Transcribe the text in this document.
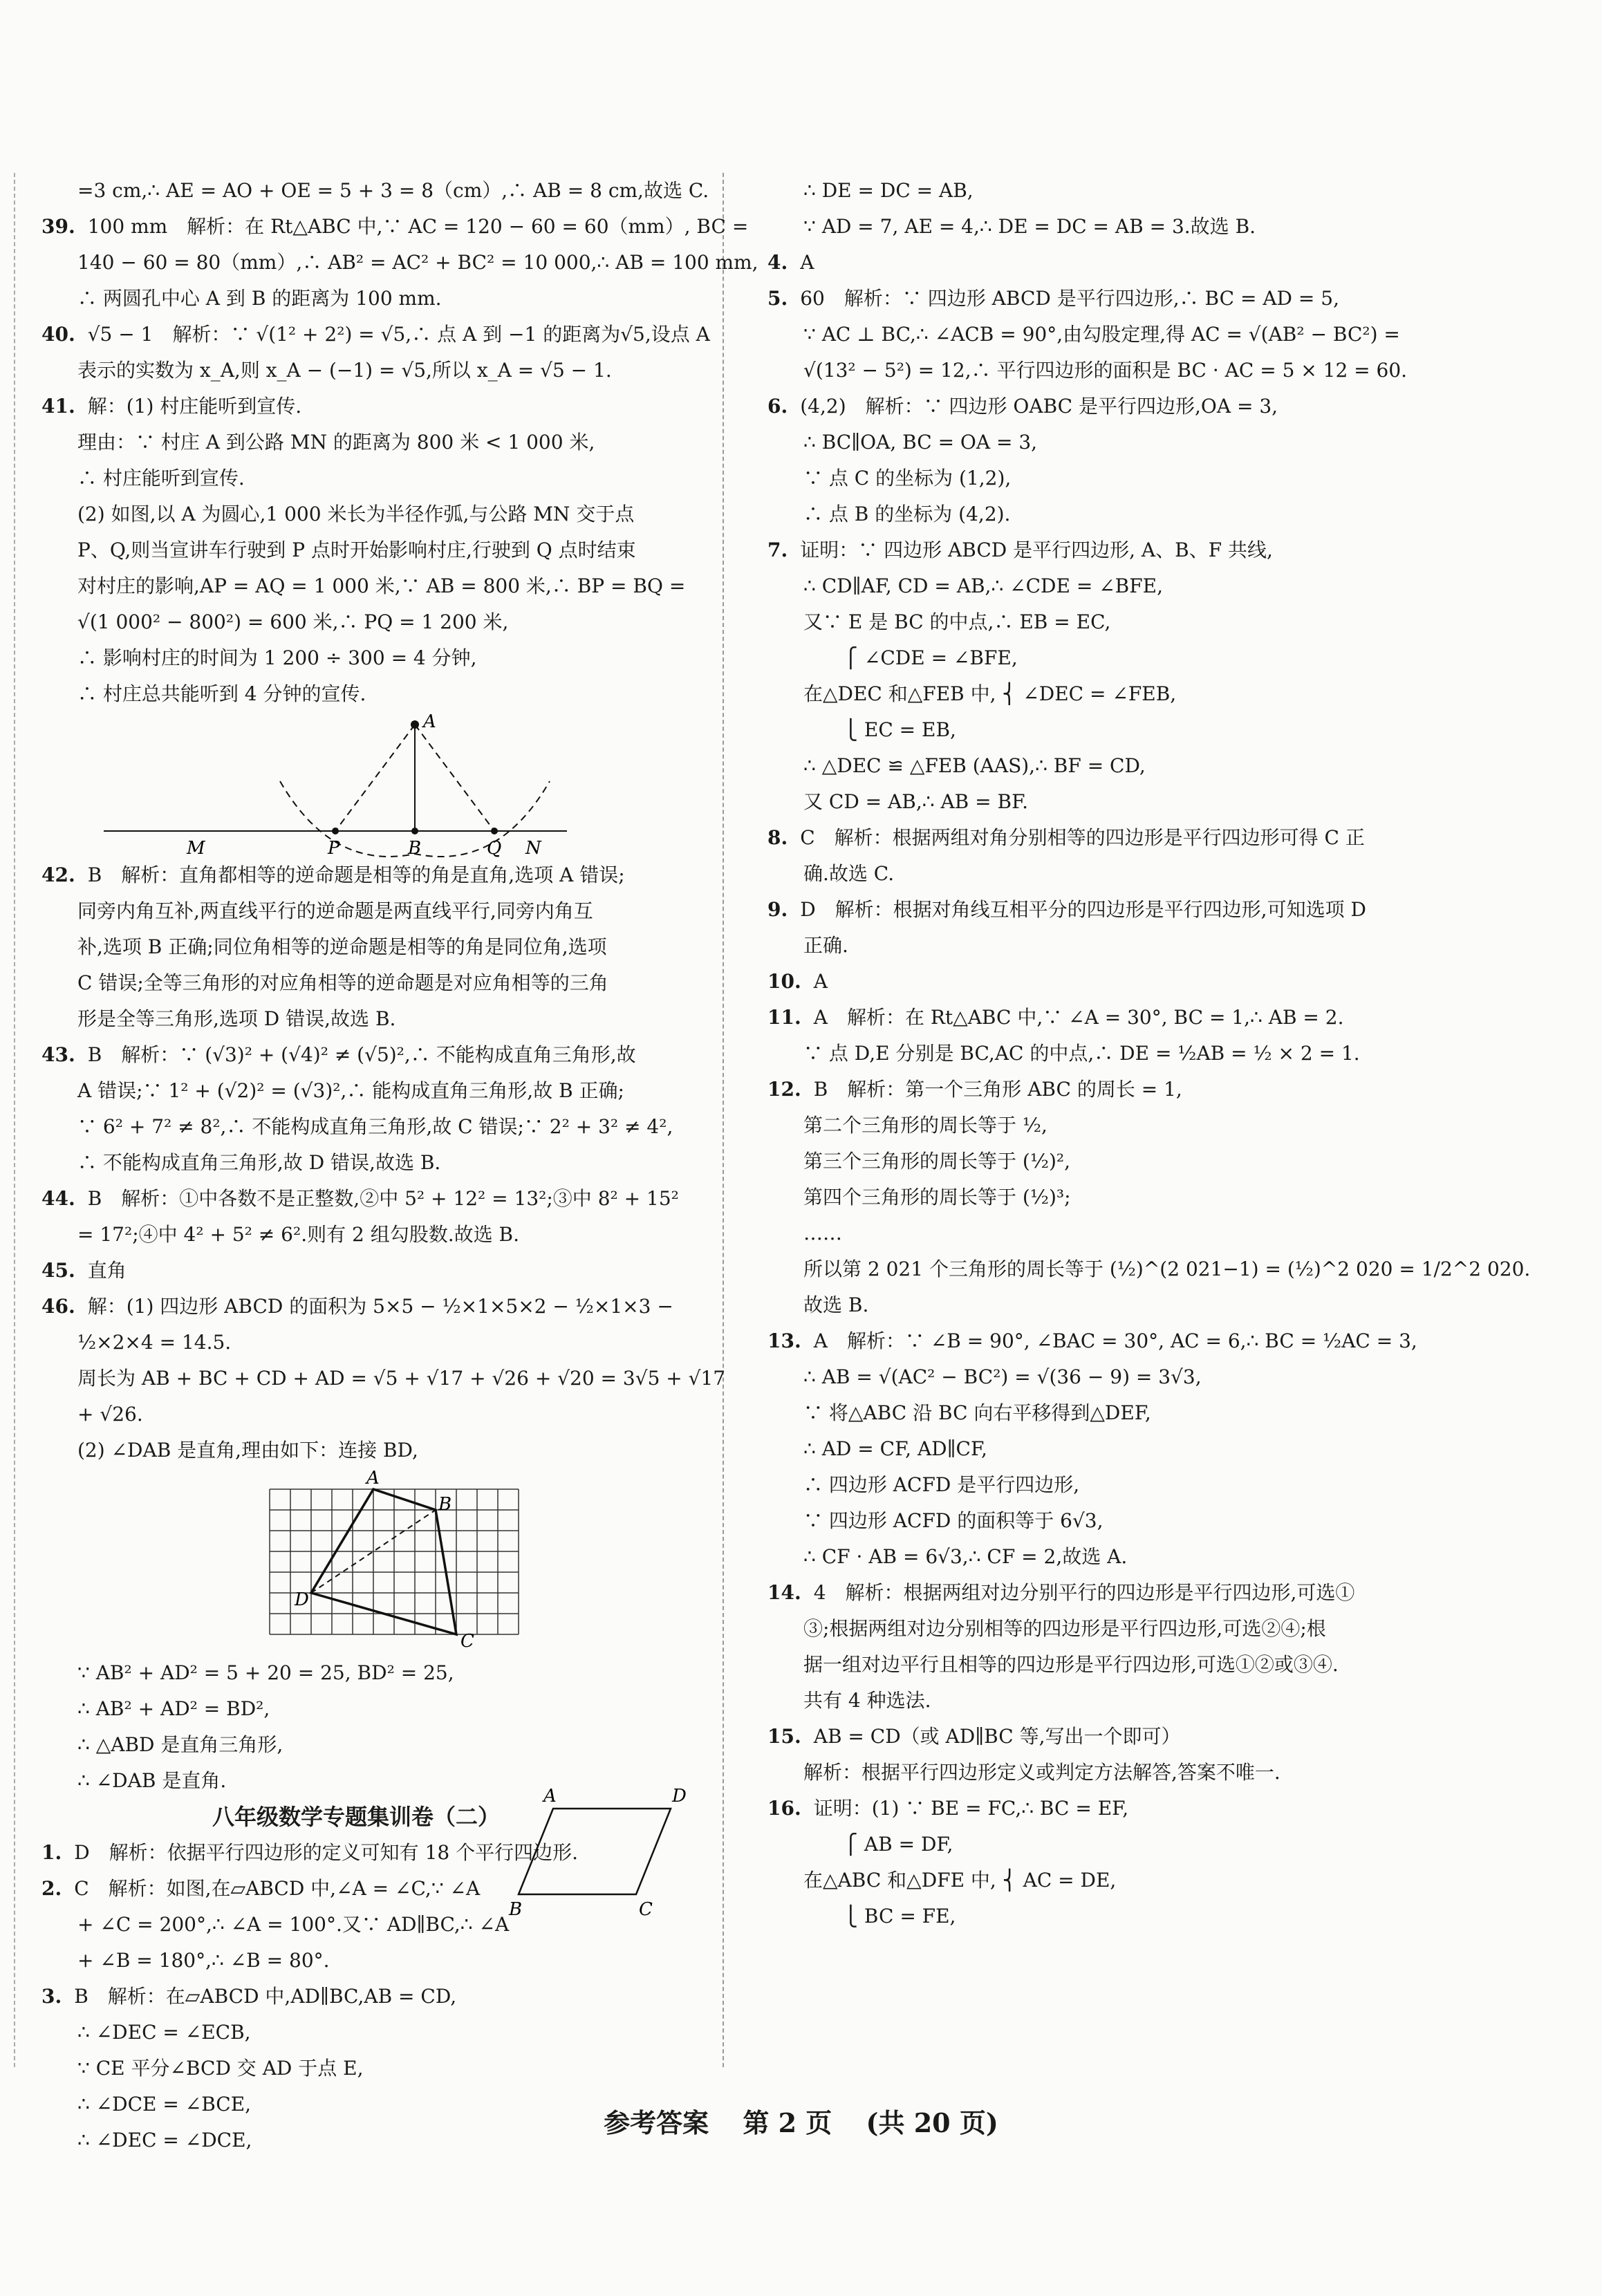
=3 cm,∴ AE = AO + OE = 5 + 3 = 8（cm）,∴ AB = 8 cm,故选 C.
39. 100 mm　解析：在 Rt△ABC 中,∵ AC = 120 − 60 = 60（mm）, BC =
140 − 60 = 80（mm）,∴ AB² = AC² + BC² = 10 000,∴ AB = 100 mm,
∴ 两圆孔中心 A 到 B 的距离为 100 mm.
40. √5 − 1　解析：∵ √(1² + 2²) = √5,∴ 点 A 到 −1 的距离为√5,设点 A
表示的实数为 x_A,则 x_A − (−1) = √5,所以 x_A = √5 − 1.
41. 解：(1) 村庄能听到宣传.
理由：∵ 村庄 A 到公路 MN 的距离为 800 米 < 1 000 米,
∴ 村庄能听到宣传.
(2) 如图,以 A 为圆心,1 000 米长为半径作弧,与公路 MN 交于点
P、Q,则当宣讲车行驶到 P 点时开始影响村庄,行驶到 Q 点时结束
对村庄的影响,AP = AQ = 1 000 米,∵ AB = 800 米,∴ BP = BQ =
√(1 000² − 800²) = 600 米,∴ PQ = 1 200 米,
∴ 影响村庄的时间为 1 200 ÷ 300 = 4 分钟,
∴ 村庄总共能听到 4 分钟的宣传.
A
M	P	B	Q N
42. B　解析：直角都相等的逆命题是相等的角是直角,选项 A 错误;
同旁内角互补,两直线平行的逆命题是两直线平行,同旁内角互
补,选项 B 正确;同位角相等的逆命题是相等的角是同位角,选项
C 错误;全等三角形的对应角相等的逆命题是对应角相等的三角
形是全等三角形,选项 D 错误,故选 B.
43. B　解析：∵ (√3)² + (√4)² ≠ (√5)²,∴ 不能构成直角三角形,故
A 错误;∵ 1² + (√2)² = (√3)²,∴ 能构成直角三角形,故 B 正确;
∵ 6² + 7² ≠ 8²,∴ 不能构成直角三角形,故 C 错误;∵ 2² + 3² ≠ 4²,
∴ 不能构成直角三角形,故 D 错误,故选 B.
44. B　解析：①中各数不是正整数,②中 5² + 12² = 13²;③中 8² + 15²
= 17²;④中 4² + 5² ≠ 6².则有 2 组勾股数.故选 B.
45. 直角
46. 解：(1) 四边形 ABCD 的面积为 5×5 − ½×1×5×2 − ½×1×3 −
½×2×4 = 14.5.
周长为 AB + BC + CD + AD = √5 + √17 + √26 + √20 = 3√5 + √17
+ √26.
(2) ∠DAB 是直角,理由如下：连接 BD,
A
B
C
D
∵ AB² + AD² = 5 + 20 = 25, BD² = 25,
∴ AB² + AD² = BD²,
∴ △ABD 是直角三角形,
∴ ∠DAB 是直角.
八年级数学专题集训卷（二）
1. D　解析：依据平行四边形的定义可知有 18 个平行四边形.
2. C　解析：如图,在▱ABCD 中,∠A = ∠C,∵ ∠A
+ ∠C = 200°,∴ ∠A = 100°.又∵ AD∥BC,∴ ∠A
+ ∠B = 180°,∴ ∠B = 80°.
3. B　解析：在▱ABCD 中,AD∥BC,AB = CD,
∴ ∠DEC = ∠ECB,
∵ CE 平分∠BCD 交 AD 于点 E,
∴ ∠DCE = ∠BCE,
∴ ∠DEC = ∠DCE,
∴ DE = DC = AB,
∵ AD = 7, AE = 4,∴ DE = DC = AB = 3.故选 B.
4. A
5. 60　解析：∵ 四边形 ABCD 是平行四边形,∴ BC = AD = 5,
∵ AC ⊥ BC,∴ ∠ACB = 90°,由勾股定理,得 AC = √(AB² − BC²) =
√(13² − 5²) = 12,∴ 平行四边形的面积是 BC · AC = 5 × 12 = 60.
6. (4,2)　解析：∵ 四边形 OABC 是平行四边形,OA = 3,
∴ BC∥OA, BC = OA = 3,
∵ 点 C 的坐标为 (1,2),
∴ 点 B 的坐标为 (4,2).
7. 证明：∵ 四边形 ABCD 是平行四边形, A、B、F 共线,
∴ CD∥AF, CD = AB,∴ ∠CDE = ∠BFE,
又∵ E 是 BC 的中点,∴ EB = EC,
⎧ ∠CDE = ∠BFE,
在△DEC 和△FEB 中, ⎨ ∠DEC = ∠FEB,
⎩ EC = EB,
∴ △DEC ≌ △FEB (AAS),∴ BF = CD,
又 CD = AB,∴ AB = BF.
8. C　解析：根据两组对角分别相等的四边形是平行四边形可得 C 正
确.故选 C.
9. D　解析：根据对角线互相平分的四边形是平行四边形,可知选项 D
正确.
10. A
11. A　解析：在 Rt△ABC 中,∵ ∠A = 30°, BC = 1,∴ AB = 2.
∵ 点 D,E 分别是 BC,AC 的中点,∴ DE = ½AB = ½ × 2 = 1.
12. B　解析：第一个三角形 ABC 的周长 = 1,
第二个三角形的周长等于 ½,
第三个三角形的周长等于 (½)²,
第四个三角形的周长等于 (½)³;
……
所以第 2 021 个三角形的周长等于 (½)^(2 021−1) = (½)^2 020 = 1/2^2 020.
故选 B.
13. A　解析：∵ ∠B = 90°, ∠BAC = 30°, AC = 6,∴ BC = ½AC = 3,
∴ AB = √(AC² − BC²) = √(36 − 9) = 3√3,
∵ 将△ABC 沿 BC 向右平移得到△DEF,
∴ AD = CF, AD∥CF,
∴ 四边形 ACFD 是平行四边形,
∵ 四边形 ACFD 的面积等于 6√3,
∴ CF · AB = 6√3,∴ CF = 2,故选 A.
14. 4　解析：根据两组对边分别平行的四边形是平行四边形,可选①
③;根据两组对边分别相等的四边形是平行四边形,可选②④;根
据一组对边平行且相等的四边形是平行四边形,可选①②或③④.
共有 4 种选法.
15. AB = CD（或 AD∥BC 等,写出一个即可）
解析：根据平行四边形定义或判定方法解答,答案不唯一.
16. 证明：(1) ∵ BE = FC,∴ BC = EF,
⎧ AB = DF,
在△ABC 和△DFE 中, ⎨ AC = DE,
⎩ BC = FE,
A	D
B	C
参考答案 第 2 页 (共 20 页)
